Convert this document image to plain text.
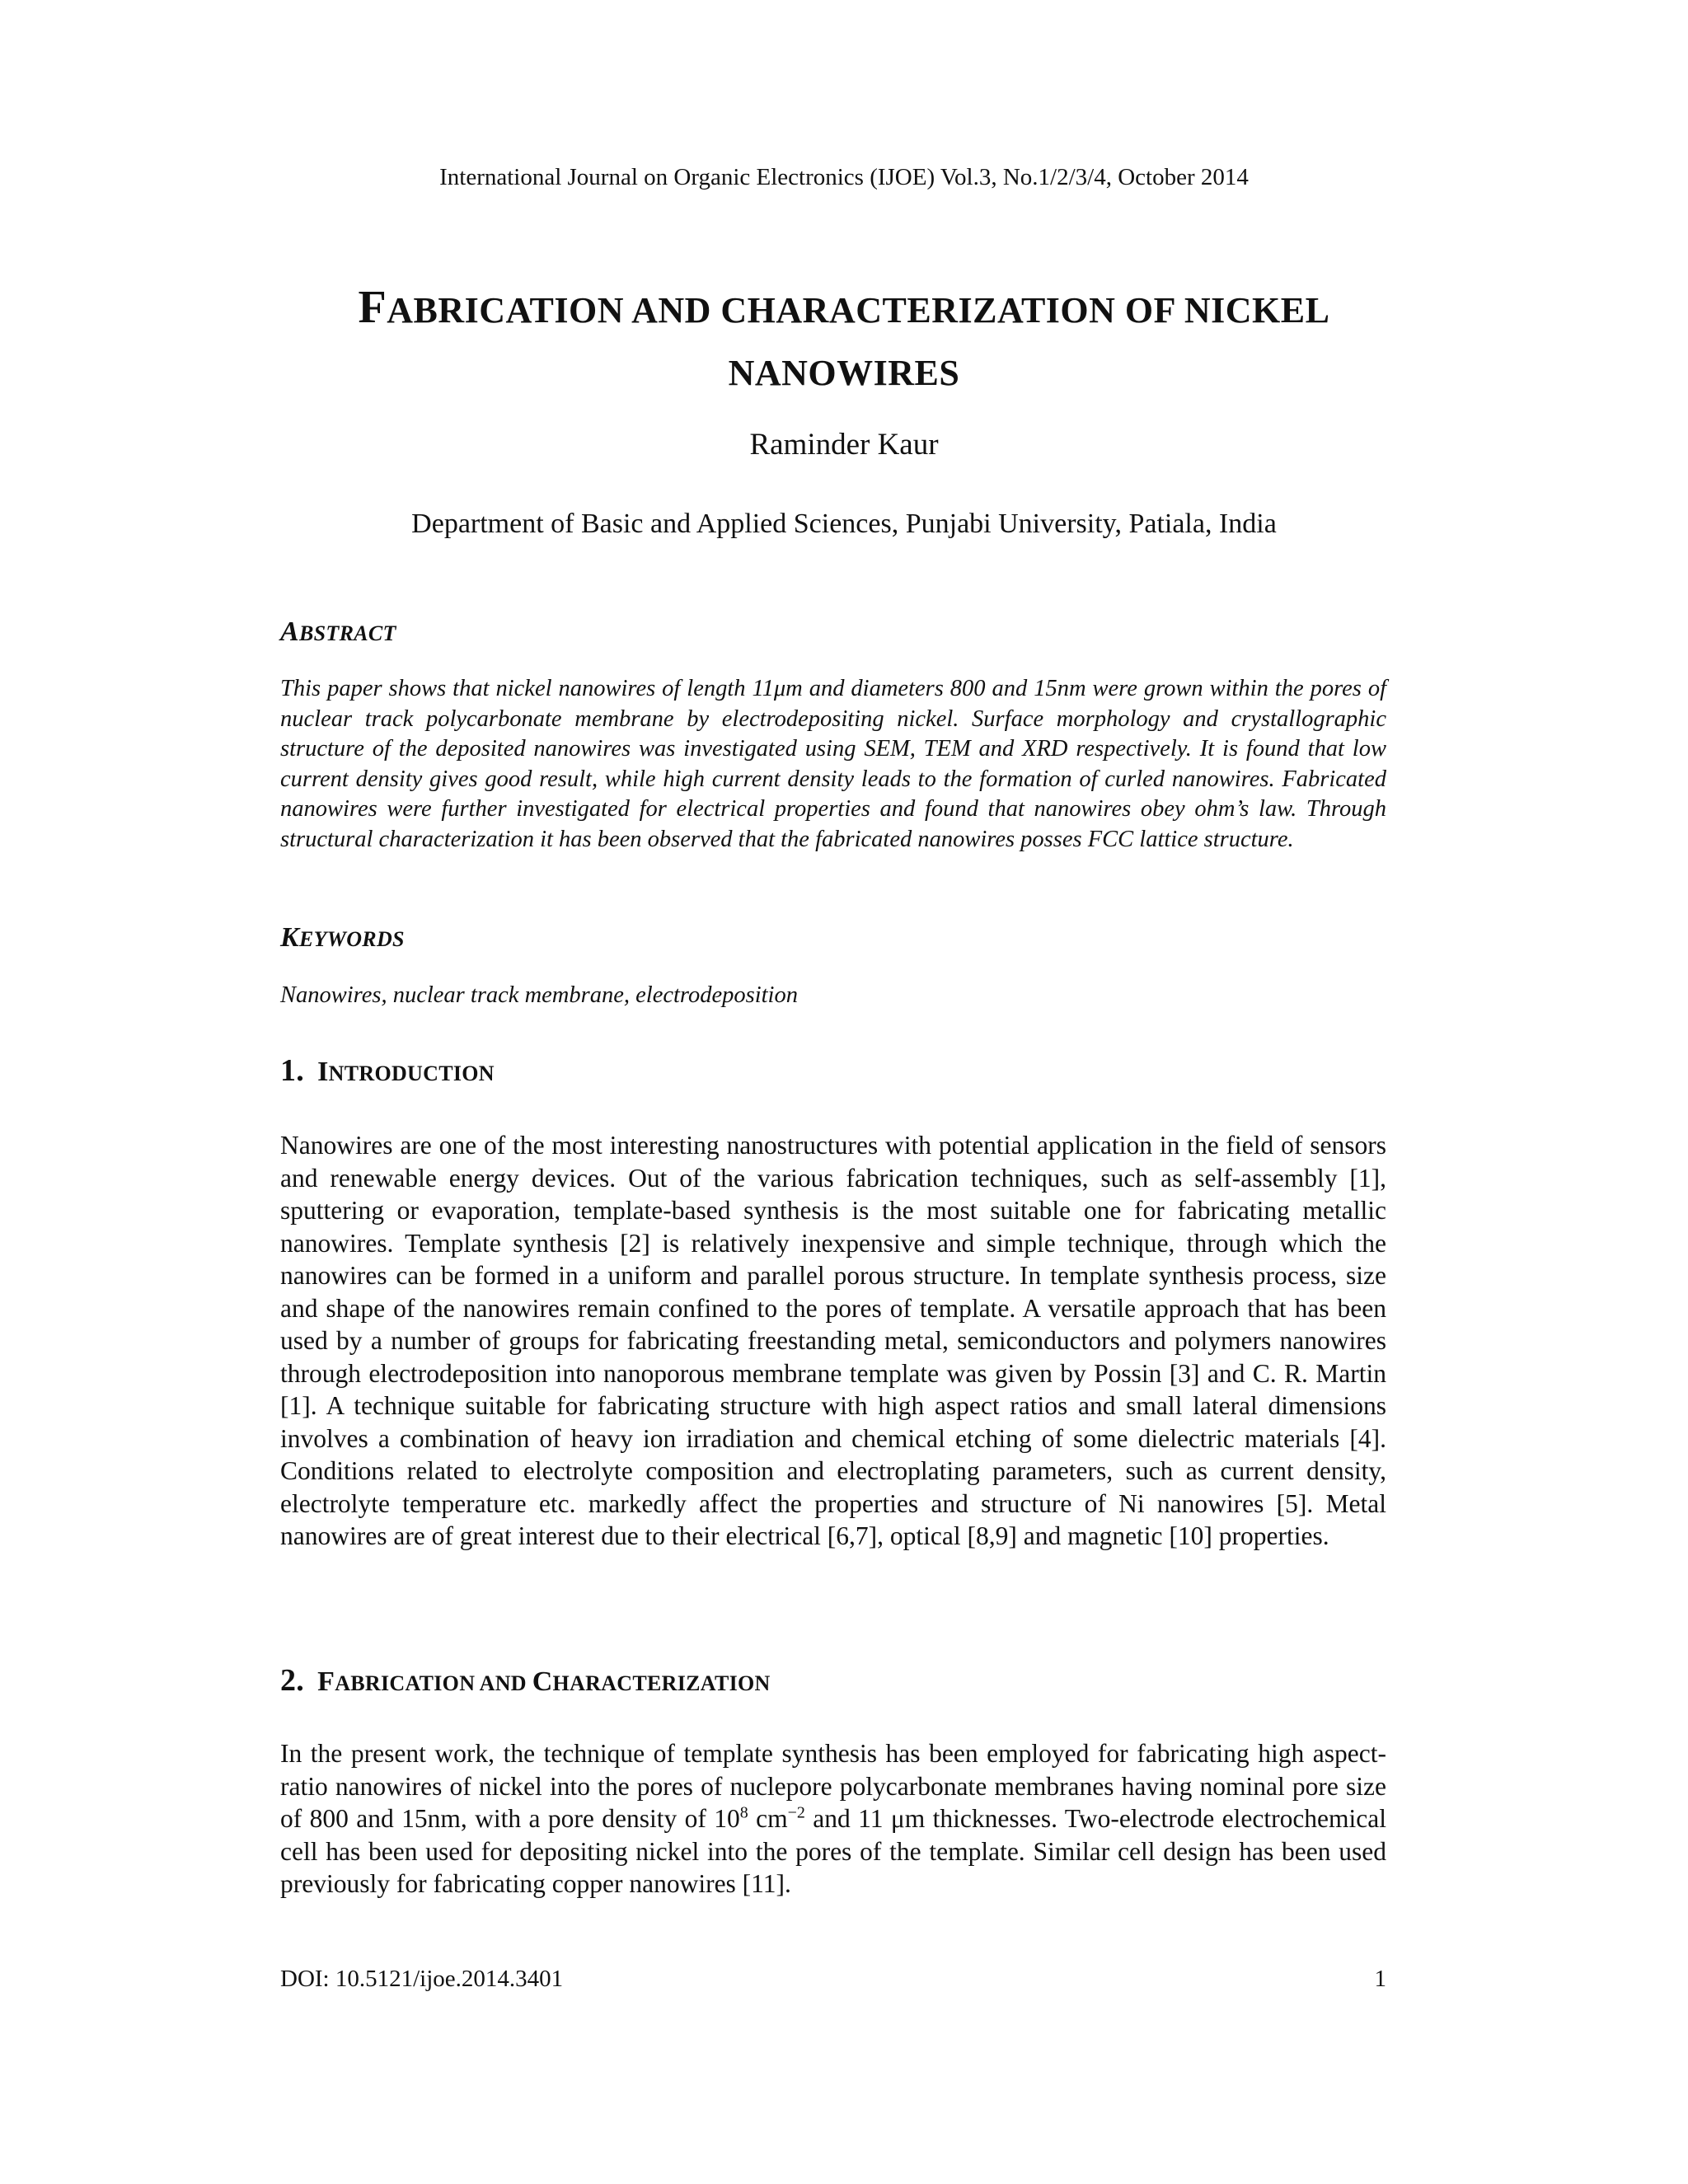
International Journal on Organic Electronics (IJOE) Vol.3, No.1/2/3/4, October 2014
FABRICATION AND CHARACTERIZATION OF NICKEL
NANOWIRES
Raminder Kaur
Department of Basic and Applied Sciences, Punjabi University, Patiala, India
ABSTRACT

This paper shows that nickel nanowires of length 11μm and diameters 800 and 15nm were grown within the pores of nuclear track polycarbonate membrane by electrodepositing nickel. Surface morphology and crystallographic structure of the deposited nanowires was investigated using SEM, TEM and XRD respectively. It is found that low current density gives good result, while high current density leads to the formation of curled nanowires. Fabricated nanowires were further investigated for electrical properties and found that nanowires obey ohm’s law. Through structural characterization it has been observed that the fabricated nanowires posses FCC lattice structure.

KEYWORDS

Nanowires, nuclear track membrane, electrodeposition

1. INTRODUCTION

Nanowires are one of the most interesting nanostructures with potential application in the field of sensors and renewable energy devices. Out of the various fabrication techniques, such as self-assembly [1], sputtering or evaporation, template-based synthesis is the most suitable one for fabricating metallic nanowires. Template synthesis [2] is relatively inexpensive and simple technique, through which the nanowires can be formed in a uniform and parallel porous structure. In template synthesis process, size and shape of the nanowires remain confined to the pores of template. A versatile approach that has been used by a number of groups for fabricating freestanding metal, semiconductors and polymers nanowires through electrodeposition into nanoporous membrane template was given by Possin [3] and C. R. Martin [1]. A technique suitable for fabricating structure with high aspect ratios and small lateral dimensions involves a combination of heavy ion irradiation and chemical etching of some dielectric materials [4]. Conditions related to electrolyte composition and electroplating parameters, such as current density, electrolyte temperature etc. markedly affect the properties and structure of Ni nanowires [5]. Metal nanowires are of great interest due to their electrical [6,7], optical [8,9] and magnetic [10] properties.

2. FABRICATION AND CHARACTERIZATION

In the present work, the technique of template synthesis has been employed for fabricating high aspect-ratio nanowires of nickel into the pores of nuclepore polycarbonate membranes having nominal pore size of 800 and 15nm, with a pore density of $10^8$ $cm^{-2}$ and 11 μm thicknesses. Two-electrode electrochemical cell has been used for depositing nickel into the pores of the template. Similar cell design has been used previously for fabricating copper nanowires [11].

DOI: 10.5121/ijoe.2014.3401	1
